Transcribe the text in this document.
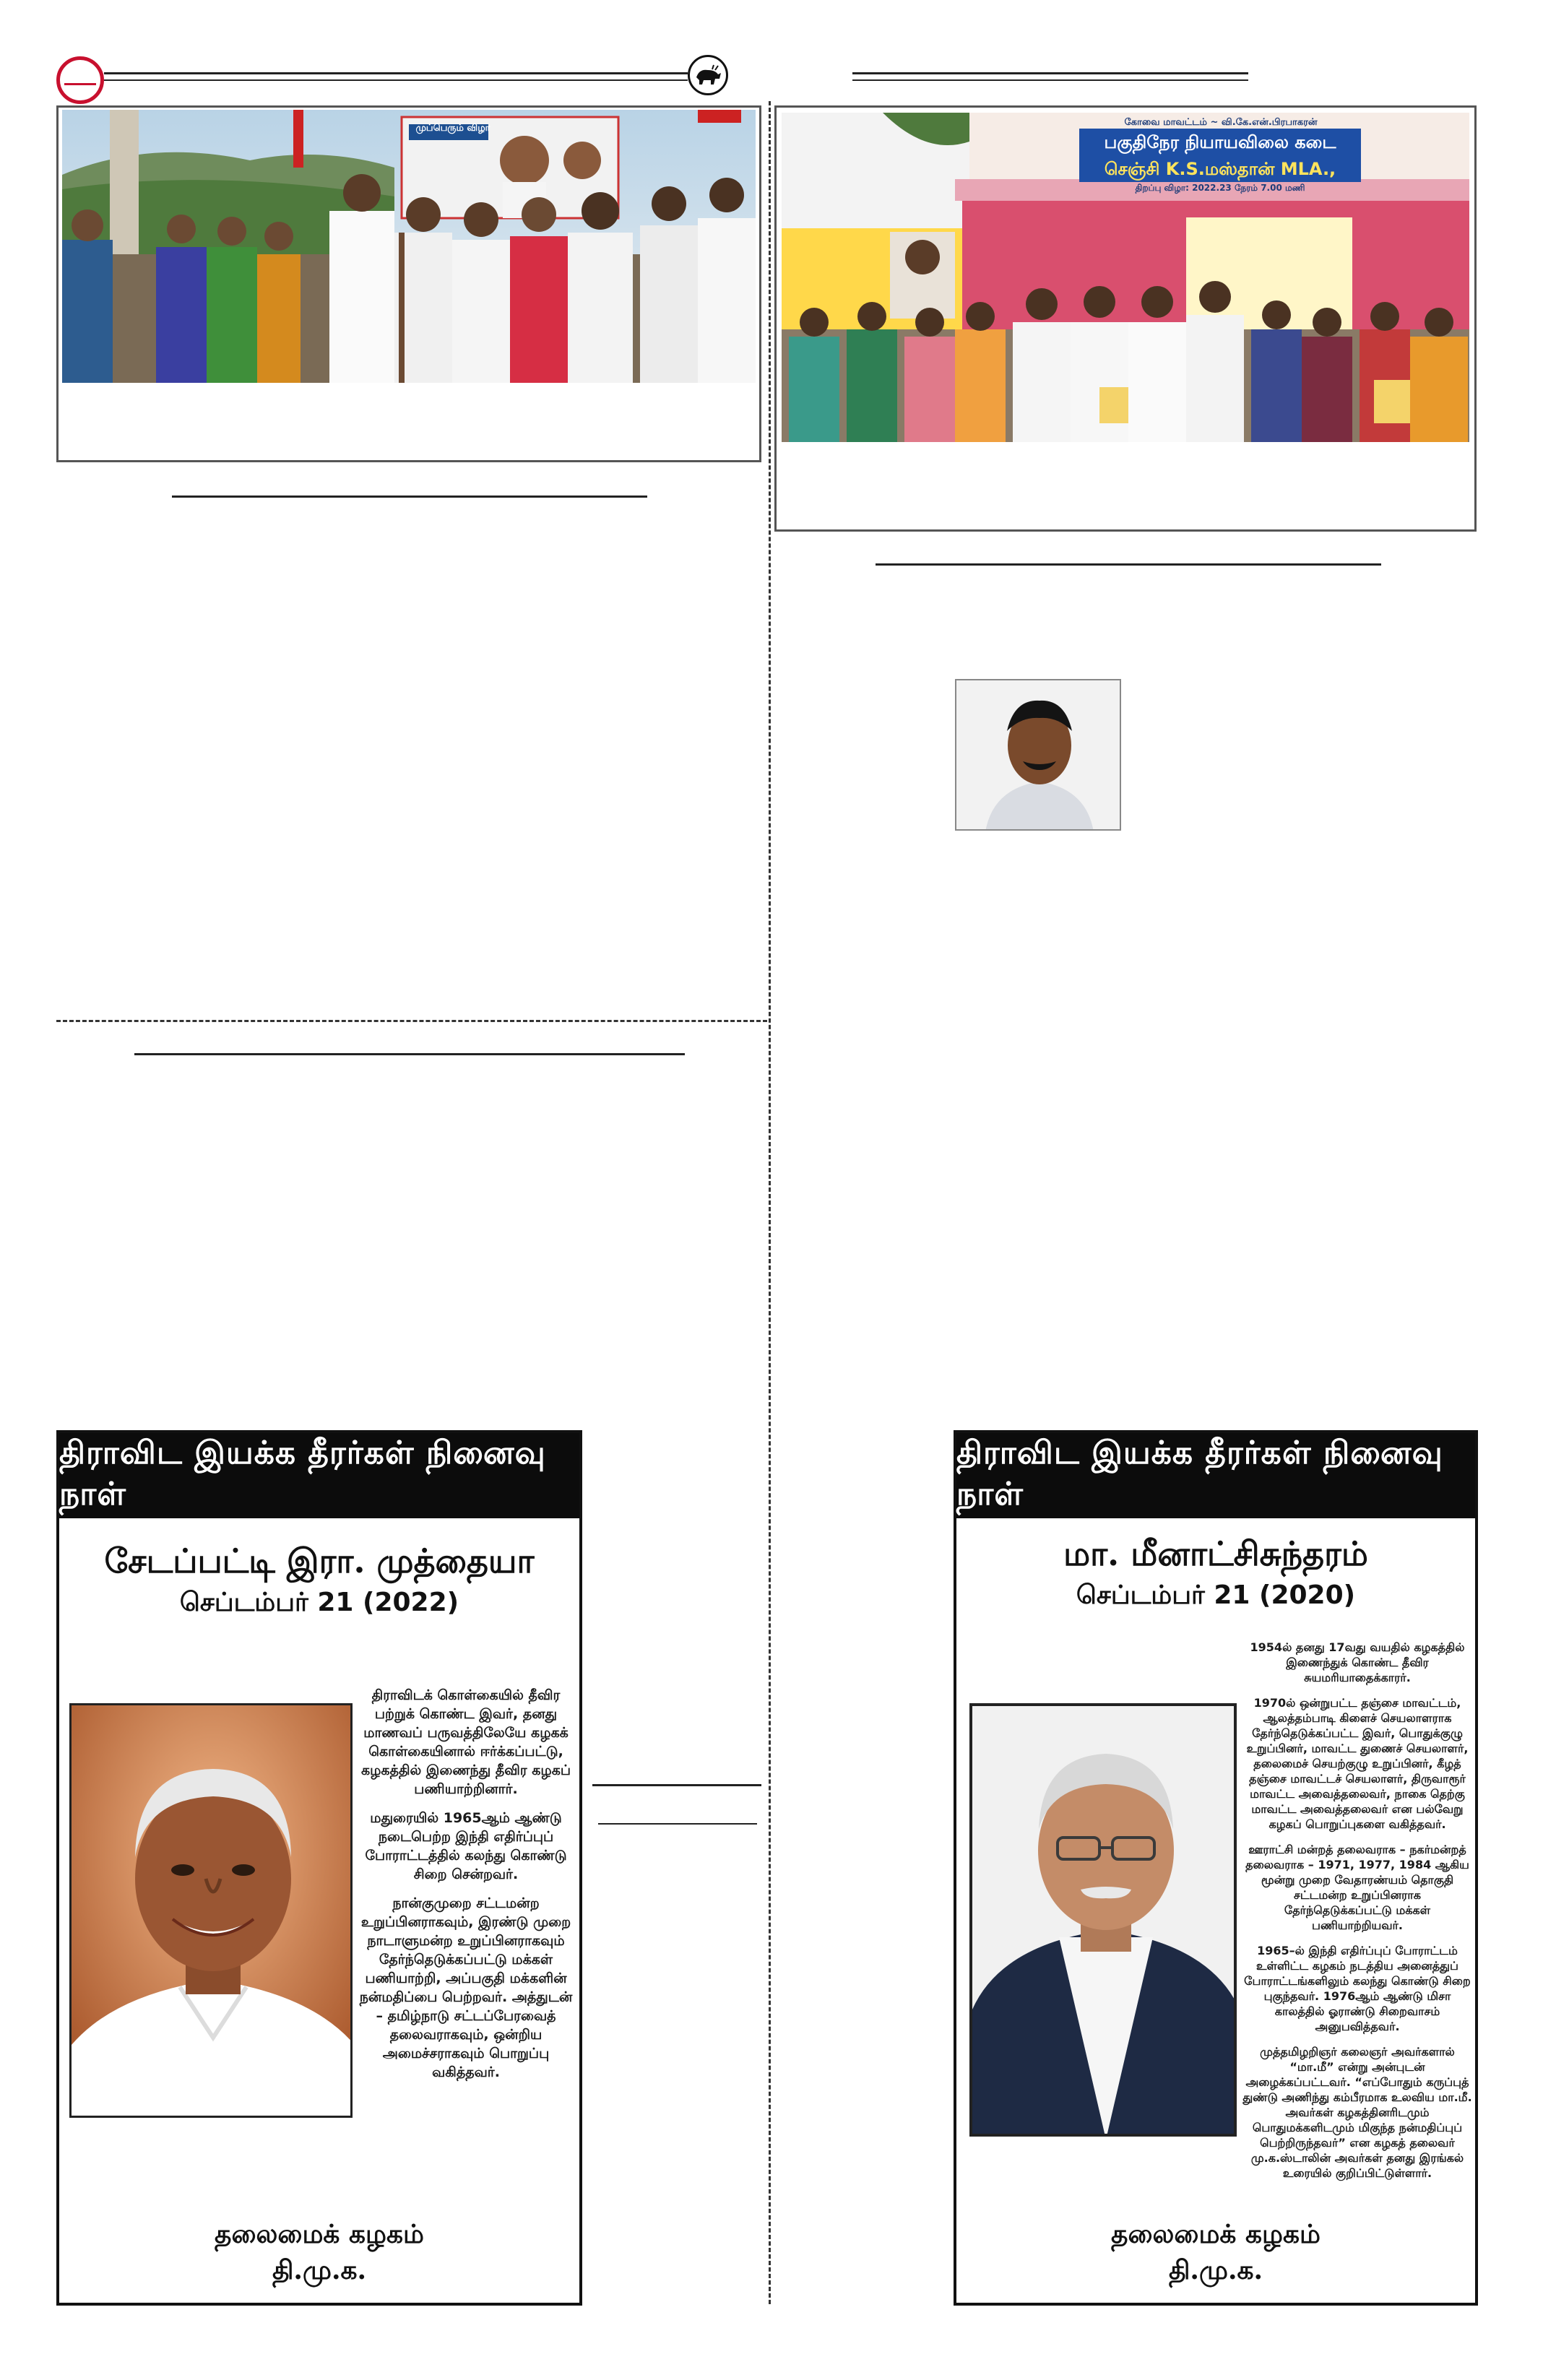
முப்பெரும் விழா
கோவை மாவட்டம் ~ வி.கே.என்.பிரபாகரன்
பகுதிநேர நியாயவிலை கடை
செஞ்சி K.S.மஸ்தான் MLA.,
திறப்பு விழா: 2022.23 நேரம் 7.00 மணி
திராவிட இயக்க தீரர்கள் நினைவு நாள்
சேடப்பட்டி இரா. முத்தையா
செப்டம்பர் 21 (2022)

திராவிடக் கொள்கையில் தீவிர பற்றுக் கொண்ட இவர், தனது மாணவப் பருவத்திலேயே கழகக் கொள்கையினால் ஈர்க்கப்பட்டு, கழகத்தில் இணைந்து தீவிர கழகப் பணியாற்றினார்.

மதுரையில் 1965ஆம் ஆண்டு நடைபெற்ற இந்தி எதிர்ப்புப் போராட்டத்தில் கலந்து கொண்டு சிறை சென்றவர்.

நான்குமுறை சட்டமன்ற உறுப்பினராகவும், இரண்டு முறை நாடாளுமன்ற உறுப்பினராகவும் தேர்ந்தெடுக்கப்பட்டு மக்கள் பணியாற்றி, அப்பகுதி மக்களின் நன்மதிப்பை பெற்றவர். அத்துடன் – தமிழ்நாடு சட்டப்பேரவைத் தலைவராகவும், ஒன்றிய அமைச்சராகவும் பொறுப்பு வகித்தவர்.

தலைமைக் கழகம்
தி.மு.க.
திராவிட இயக்க தீரர்கள் நினைவு நாள்
மா. மீனாட்சிசுந்தரம்
செப்டம்பர் 21 (2020)

1954ல் தனது 17வது வயதில் கழகத்தில் இணைந்துக் கொண்ட தீவிர சுயமரியாதைக்காரர்.

1970ல் ஒன்றுபட்ட தஞ்சை மாவட்டம், ஆலத்தம்பாடி கிளைச் செயலாளராக தேர்ந்தெடுக்கப்பட்ட இவர், பொதுக்குழு உறுப்பினர், மாவட்ட துணைச் செயலாளர், தலைமைச் செயற்குழு உறுப்பினர், கீழத் தஞ்சை மாவட்டச் செயலாளர், திருவாரூர் மாவட்ட அவைத்தலைவர், நாகை தெற்கு மாவட்ட அவைத்தலைவர் என பல்வேறு கழகப் பொறுப்புகளை வகித்தவர்.

ஊராட்சி மன்றத் தலைவராக – நகர்மன்றத் தலைவராக – 1971, 1977, 1984 ஆகிய மூன்று முறை வேதாரண்யம் தொகுதி சட்டமன்ற உறுப்பினராக தேர்ந்தெடுக்கப்பட்டு மக்கள் பணியாற்றியவர்.

1965–ல் இந்தி எதிர்ப்புப் போராட்டம் உள்ளிட்ட கழகம் நடத்திய அனைத்துப் போராட்டங்களிலும் கலந்து கொண்டு சிறை புகுந்தவர். 1976ஆம் ஆண்டு மிசா காலத்தில் ஓராண்டு சிறைவாசம் அனுபவித்தவர்.

முத்தமிழறிஞர் கலைஞர் அவர்களால் “மா.மீ” என்று அன்புடன் அழைக்கப்பட்டவர். “எப்போதும் கருப்புத் துண்டு அணிந்து கம்பீரமாக உலவிய மா.மீ. அவர்கள் கழகத்தினரிடமும் பொதுமக்களிடமும் மிகுந்த நன்மதிப்புப் பெற்றிருந்தவர்” என கழகத் தலைவர் மு.க.ஸ்டாலின் அவர்கள் தனது இரங்கல் உரையில் குறிப்பிட்டுள்ளார்.

தலைமைக் கழகம்
தி.மு.க.
